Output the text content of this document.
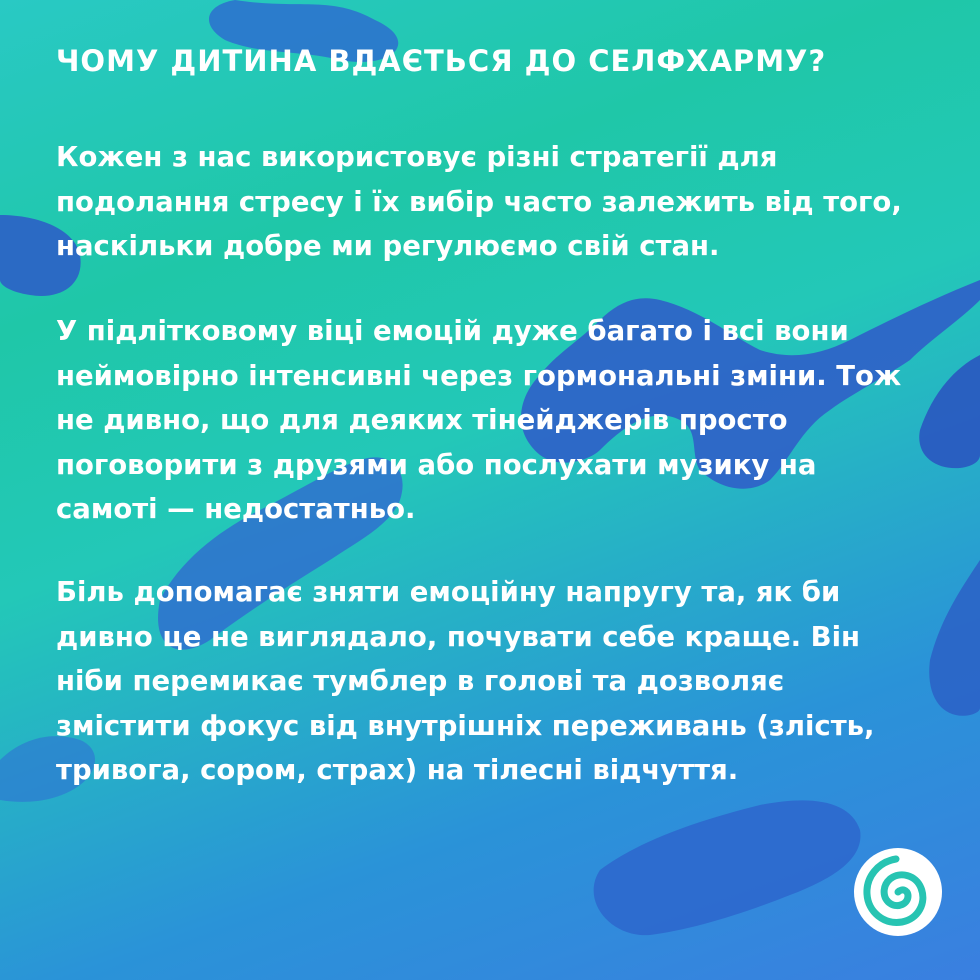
ЧОМУ ДИТИНА ВДАЄТЬСЯ ДО СЕЛФХАРМУ?
Кожен з нас використовує різні стратегії для
подолання стресу і їх вибір часто залежить від того,
наскільки добре ми регулюємо свій стан.
У підлітковому віці емоцій дуже багато і всі вони
неймовірно інтенсивні через гормональні зміни. Тож
не дивно, що для деяких тінейджерів просто
поговорити з друзями або послухати музику на
самоті — недостатньо.
Біль допомагає зняти емоційну напругу та, як би
дивно це не виглядало, почувати себе краще. Він
ніби перемикає тумблер в голові та дозволяє
змістити фокус від внутрішніх переживань (злість,
тривога, сором, страх) на тілесні відчуття.
